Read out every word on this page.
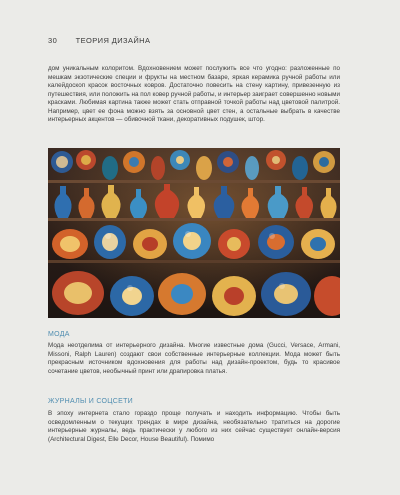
30 ТЕОРИЯ ДИЗАЙНА
дом уникальным колоритом. Вдохновением может послужить все что угодно: разложенные по мешкам экзотические специи и фрукты на местном базаре, яркая керамика ручной работы или калейдоскоп красок восточных ковров. Достаточно повесить на стену картину, привезенную из путешествия, или положить на пол ковер ручной работы, и интерьер заиграет совершенно новыми красками. Любимая картина также может стать отправной точкой работы над цветовой палитрой. Например, цвет ее фона можно взять за основной цвет стен, а остальные выбрать в качестве интерьерных акцентов — обивочной ткани, декоративных подушек, штор.
МОДА
Мода неотделима от интерьерного дизайна. Многие известные дома (Gucci, Versace, Armani, Missoni, Ralph Lauren) создают свои собственные интерьерные коллекции. Мода может быть прекрасным источником вдохновения для работы над дизайн-проектом, будь то красивое сочетание цветов, необычный принт или драпировка платья.
ЖУРНАЛЫ И СОЦСЕТИ
В эпоху интернета стало гораздо проще получать и находить информацию. Чтобы быть осведомленным о текущих трендах в мире дизайна, необязательно тратиться на дорогие интерьерные журналы, ведь практически у любого из них сейчас существует онлайн-версия (Architectural Digest, Elle Decor, House Beautiful). Помимо
